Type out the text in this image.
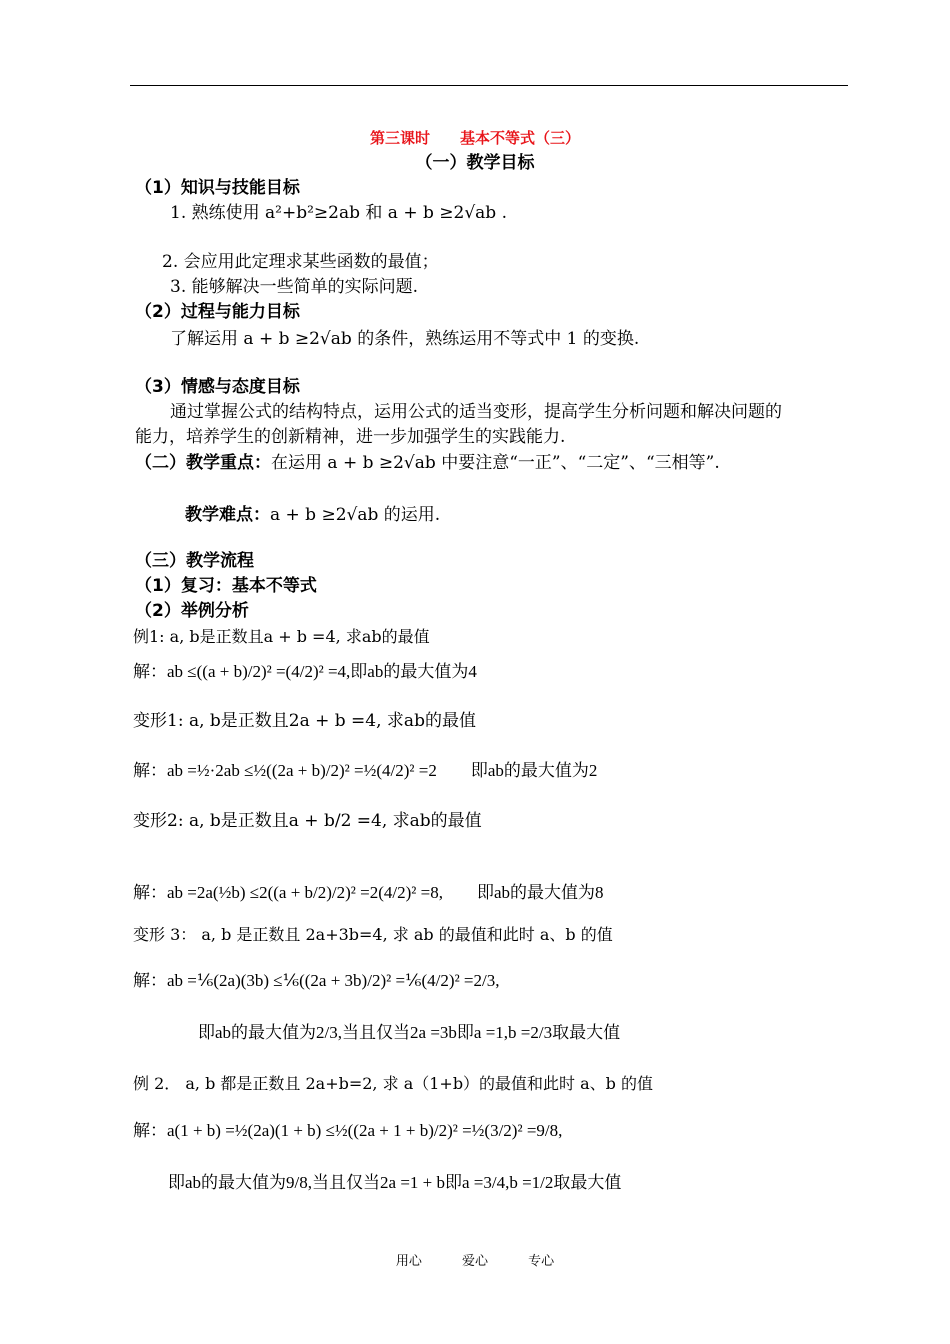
第三课时　　基本不等式（三）
（一）教学目标
（1）知识与技能目标
1. 熟练使用 a²+b²≥2ab 和 a + b ≥2√ab .
2. 会应用此定理求某些函数的最值；
3. 能够解决一些简单的实际问题.
（2）过程与能力目标
了解运用 a + b ≥2√ab 的条件，熟练运用不等式中 1 的变换.
（3）情感与态度目标
通过掌握公式的结构特点，运用公式的适当变形，提高学生分析问题和解决问题的
能力，培养学生的创新精神，进一步加强学生的实践能力.
（二）教学重点：在运用 a + b ≥2√ab 中要注意“一正”、“二定”、“三相等”.
教学难点：a + b ≥2√ab 的运用.
（三）教学流程
（1）复习：基本不等式
（2）举例分析
例1: a, b是正数且a + b =4, 求ab的最值
解：ab ≤((a + b)/2)² =(4/2)² =4,即ab的最大值为4
变形1: a, b是正数且2a + b =4, 求ab的最值
解：ab =½·2ab ≤½((2a + b)/2)² =½(4/2)² =2　　即ab的最大值为2
变形2: a, b是正数且a + b/2 =4, 求ab的最值
解：ab =2a(½b) ≤2((a + b/2)/2)² =2(4/2)² =8,　　即ab的最大值为8
变形 3： a, b 是正数且 2a+3b=4, 求 ab 的最值和此时 a、b 的值
解：ab =⅙(2a)(3b) ≤⅙((2a + 3b)/2)² =⅙(4/2)² =2/3,
即ab的最大值为2/3,当且仅当2a =3b即a =1,b =2/3取最大值
例 2． a, b 都是正数且 2a+b=2, 求 a（1+b）的最值和此时 a、b 的值
解：a(1 + b) =½(2a)(1 + b) ≤½((2a + 1 + b)/2)² =½(3/2)² =9/8,
即ab的最大值为9/8,当且仅当2a =1 + b即a =3/4,b =1/2取最大值
用心	爱心	专心
